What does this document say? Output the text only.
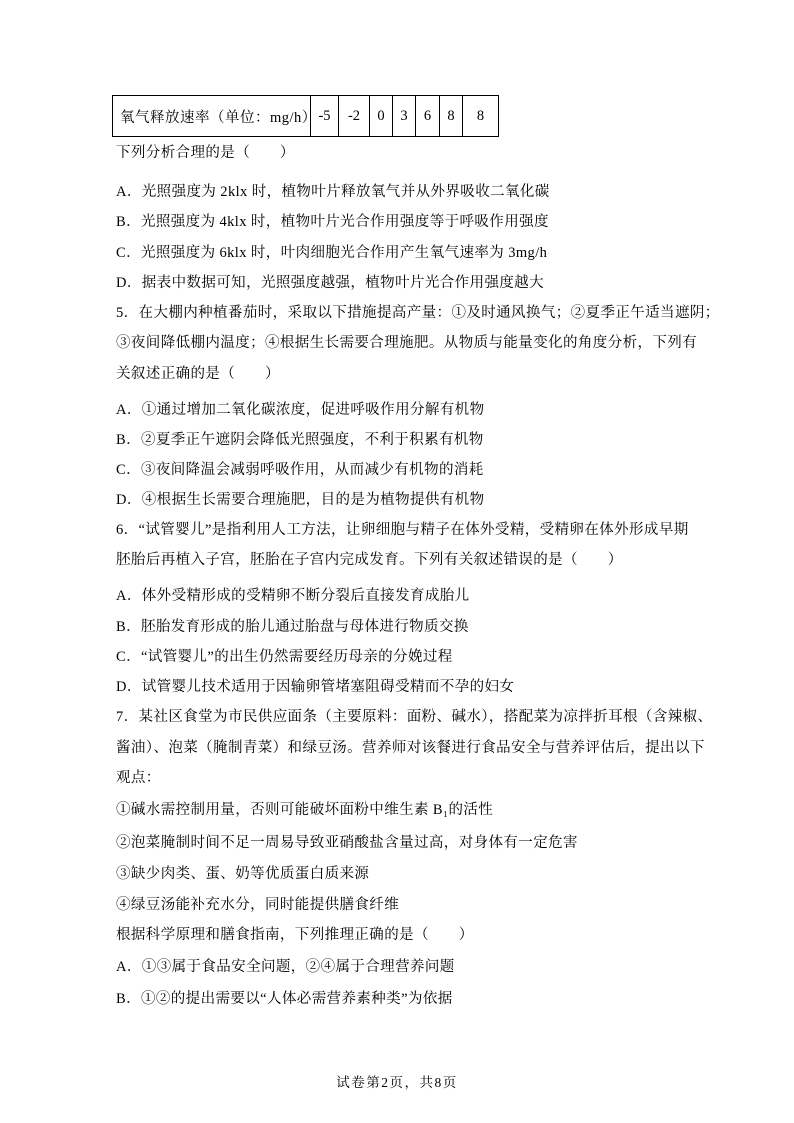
氧气释放速率（单位：mg/h）	-5	-2	0	3	6	8	8
下列分析合理的是（　　）
A．光照强度为 2klx 时，植物叶片释放氧气并从外界吸收二氧化碳
B．光照强度为 4klx 时，植物叶片光合作用强度等于呼吸作用强度
C．光照强度为 6klx 时，叶肉细胞光合作用产生氧气速率为 3mg/h
D．据表中数据可知，光照强度越强，植物叶片光合作用强度越大
5．在大棚内种植番茄时，采取以下措施提高产量：①及时通风换气；②夏季正午适当遮阴；
③夜间降低棚内温度；④根据生长需要合理施肥。从物质与能量变化的角度分析，下列有
关叙述正确的是（　　）
A．①通过增加二氧化碳浓度，促进呼吸作用分解有机物
B．②夏季正午遮阴会降低光照强度，不利于积累有机物
C．③夜间降温会减弱呼吸作用，从而减少有机物的消耗
D．④根据生长需要合理施肥，目的是为植物提供有机物
6．“试管婴儿”是指利用人工方法，让卵细胞与精子在体外受精，受精卵在体外形成早期
胚胎后再植入子宫，胚胎在子宫内完成发育。下列有关叙述错误的是（　　）
A．体外受精形成的受精卵不断分裂后直接发育成胎儿
B．胚胎发育形成的胎儿通过胎盘与母体进行物质交换
C．“试管婴儿”的出生仍然需要经历母亲的分娩过程
D．试管婴儿技术适用于因输卵管堵塞阻碍受精而不孕的妇女
7．某社区食堂为市民供应面条（主要原料：面粉、碱水），搭配菜为凉拌折耳根（含辣椒、
酱油）、泡菜（腌制青菜）和绿豆汤。营养师对该餐进行食品安全与营养评估后，提出以下
观点：
①碱水需控制用量，否则可能破坏面粉中维生素 B₁的活性
②泡菜腌制时间不足一周易导致亚硝酸盐含量过高，对身体有一定危害
③缺少肉类、蛋、奶等优质蛋白质来源
④绿豆汤能补充水分，同时能提供膳食纤维
根据科学原理和膳食指南，下列推理正确的是（　　）
A．①③属于食品安全问题，②④属于合理营养问题
B．①②的提出需要以“人体必需营养素种类”为依据
试卷第2页，共8页
